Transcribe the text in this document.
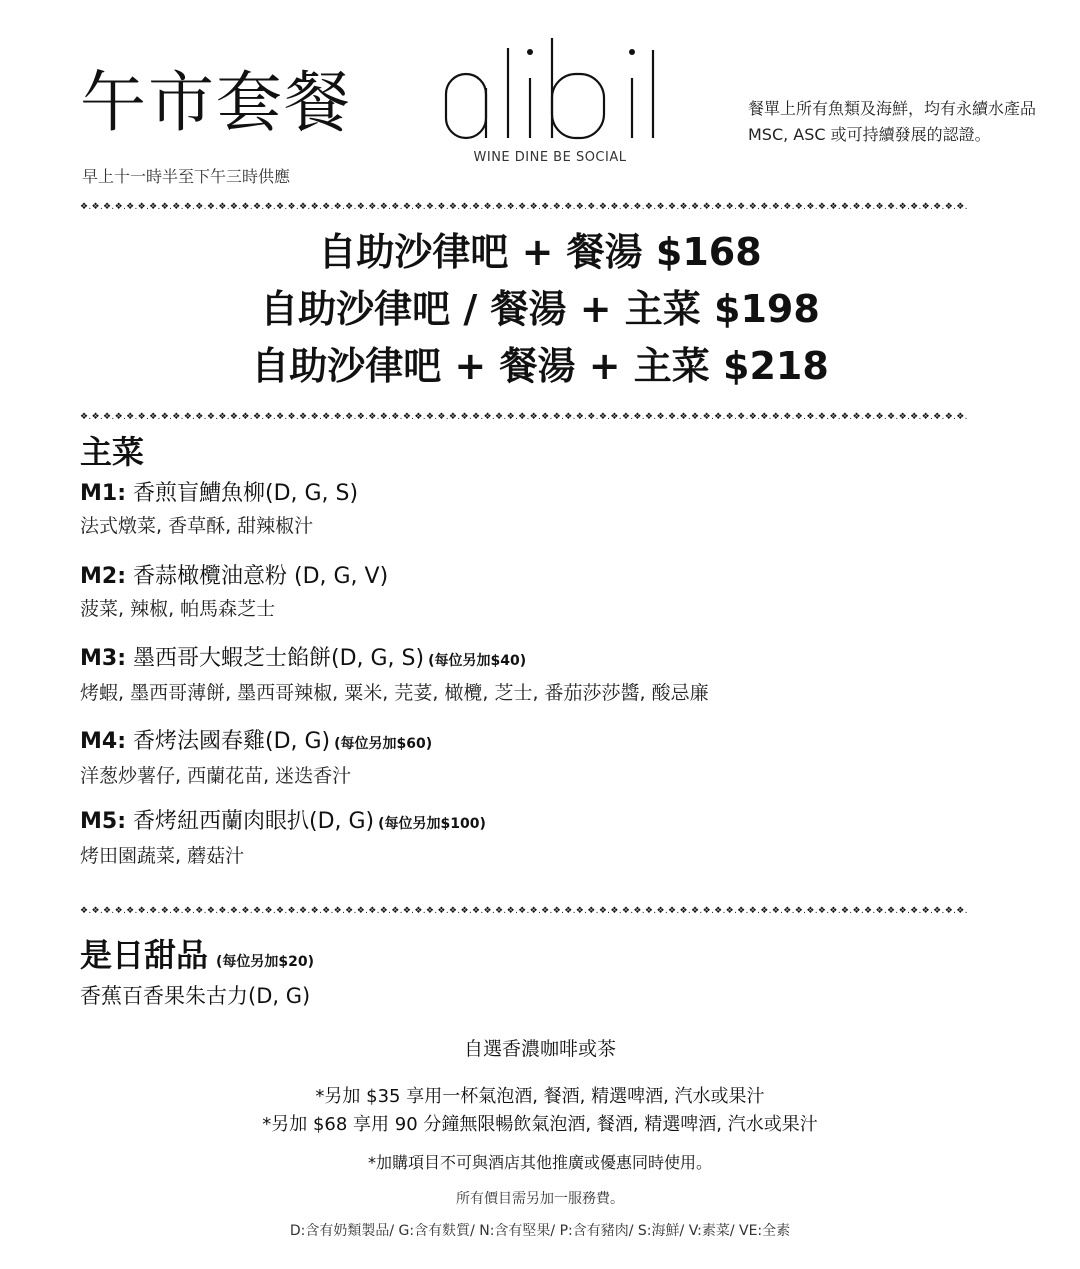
午市套餐
早上十一時半至下午三時供應
WINE DINE BE SOCIAL
餐單上所有魚類及海鮮，均有永續水產品 MSC, ASC 或可持續發展的認證。
❖.❖.❖.❖.❖.❖.❖.❖.❖.❖.❖.❖.❖.❖.❖.❖.❖.❖.❖.❖.❖.❖.❖.❖.❖.❖.❖.❖.❖.❖.❖.❖.❖.❖.❖.❖.❖.❖.❖.❖.❖.❖.❖.❖.❖.❖.❖.❖.❖.❖.❖.❖.❖.❖.❖.❖.❖.❖.❖.❖.❖.❖.❖.❖.❖.❖.❖.❖.❖.❖.❖.❖.❖.❖.❖.❖.❖.
自助沙律吧 + 餐湯 $168
自助沙律吧 / 餐湯 + 主菜 $198
自助沙律吧 + 餐湯 + 主菜 $218
❖.❖.❖.❖.❖.❖.❖.❖.❖.❖.❖.❖.❖.❖.❖.❖.❖.❖.❖.❖.❖.❖.❖.❖.❖.❖.❖.❖.❖.❖.❖.❖.❖.❖.❖.❖.❖.❖.❖.❖.❖.❖.❖.❖.❖.❖.❖.❖.❖.❖.❖.❖.❖.❖.❖.❖.❖.❖.❖.❖.❖.❖.❖.❖.❖.❖.❖.❖.❖.❖.❖.❖.❖.❖.❖.❖.❖.
主菜
M1: 香煎盲鰽魚柳(D, G, S)
法式燉菜, 香草酥, 甜辣椒汁
M2: 香蒜橄欖油意粉 (D, G, V)
菠菜, 辣椒, 帕馬森芝士
M3: 墨西哥大蝦芝士餡餅(D, G, S) (每位另加$40)
烤蝦, 墨西哥薄餅, 墨西哥辣椒, 粟米, 芫荽, 橄欖, 芝士, 番茄莎莎醬, 酸忌廉
M4: 香烤法國春雞(D, G) (每位另加$60)
洋葱炒薯仔, 西蘭花苗, 迷迭香汁
M5: 香烤紐西蘭肉眼扒(D, G) (每位另加$100)
烤田園蔬菜, 蘑菇汁
❖.❖.❖.❖.❖.❖.❖.❖.❖.❖.❖.❖.❖.❖.❖.❖.❖.❖.❖.❖.❖.❖.❖.❖.❖.❖.❖.❖.❖.❖.❖.❖.❖.❖.❖.❖.❖.❖.❖.❖.❖.❖.❖.❖.❖.❖.❖.❖.❖.❖.❖.❖.❖.❖.❖.❖.❖.❖.❖.❖.❖.❖.❖.❖.❖.❖.❖.❖.❖.❖.❖.❖.❖.❖.❖.❖.❖.
是日甜品 (每位另加$20)
香蕉百香果朱古力(D, G)
自選香濃咖啡或茶
*另加 $35 享用一杯氣泡酒, 餐酒, 精選啤酒, 汽水或果汁
*另加 $68 享用 90 分鐘無限暢飲氣泡酒, 餐酒, 精選啤酒, 汽水或果汁
*加購項目不可與酒店其他推廣或優惠同時使用。
所有價目需另加一服務費。
D:含有奶類製品/ G:含有麩質/ N:含有堅果/ P:含有豬肉/ S:海鮮/ V:素菜/ VE:全素
